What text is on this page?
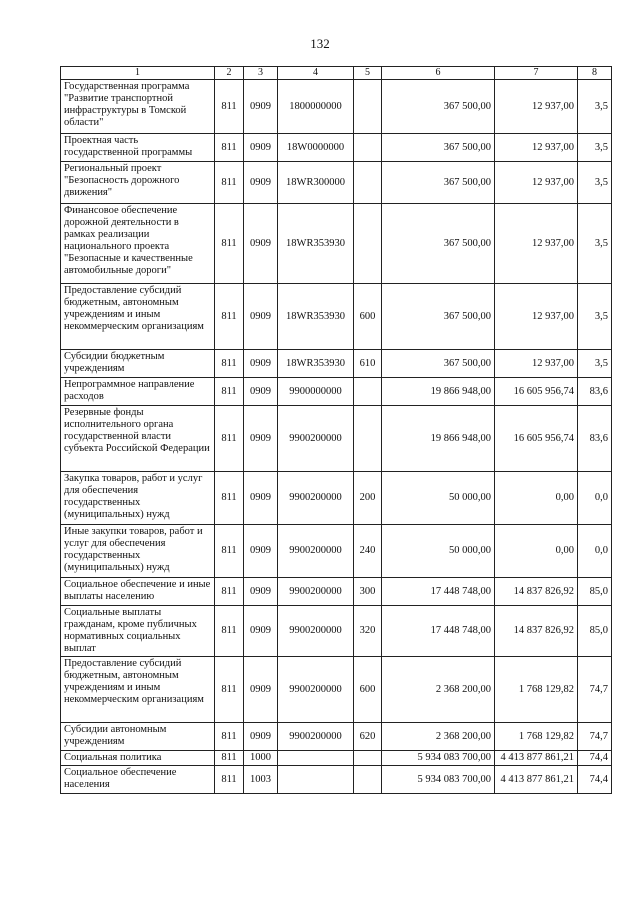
132
1	2	3	4	5	6	7	8
Государственная программа "Развитие транспортной инфраструктуры в Томской области"	811	0909	1800000000		367 500,00	12 937,00	3,5
Проектная часть государственной программы	811	0909	18W0000000		367 500,00	12 937,00	3,5
Региональный проект "Безопасность дорожного движения"	811	0909	18WR300000		367 500,00	12 937,00	3,5
Финансовое обеспечение дорожной деятельности в рамках реализации национального проекта "Безопасные и качественные автомобильные дороги"	811	0909	18WR353930		367 500,00	12 937,00	3,5
Предоставление субсидий бюджетным, автономным учреждениям и иным некоммерческим организациям	811	0909	18WR353930	600	367 500,00	12 937,00	3,5
Субсидии бюджетным учреждениям	811	0909	18WR353930	610	367 500,00	12 937,00	3,5
Непрограммное направление расходов	811	0909	9900000000		19 866 948,00	16 605 956,74	83,6
Резервные фонды исполнительного органа государственной власти субъекта Российской Федерации	811	0909	9900200000		19 866 948,00	16 605 956,74	83,6
Закупка товаров, работ и услуг для обеспечения государственных (муниципальных) нужд	811	0909	9900200000	200	50 000,00	0,00	0,0
Иные закупки товаров, работ и услуг для обеспечения государственных (муниципальных) нужд	811	0909	9900200000	240	50 000,00	0,00	0,0
Социальное обеспечение и иные выплаты населению	811	0909	9900200000	300	17 448 748,00	14 837 826,92	85,0
Социальные выплаты гражданам, кроме публичных нормативных социальных выплат	811	0909	9900200000	320	17 448 748,00	14 837 826,92	85,0
Предоставление субсидий бюджетным, автономным учреждениям и иным некоммерческим организациям	811	0909	9900200000	600	2 368 200,00	1 768 129,82	74,7
Субсидии автономным учреждениям	811	0909	9900200000	620	2 368 200,00	1 768 129,82	74,7
Социальная политика	811	1000			5 934 083 700,00	4 413 877 861,21	74,4
Социальное обеспечение населения	811	1003			5 934 083 700,00	4 413 877 861,21	74,4
